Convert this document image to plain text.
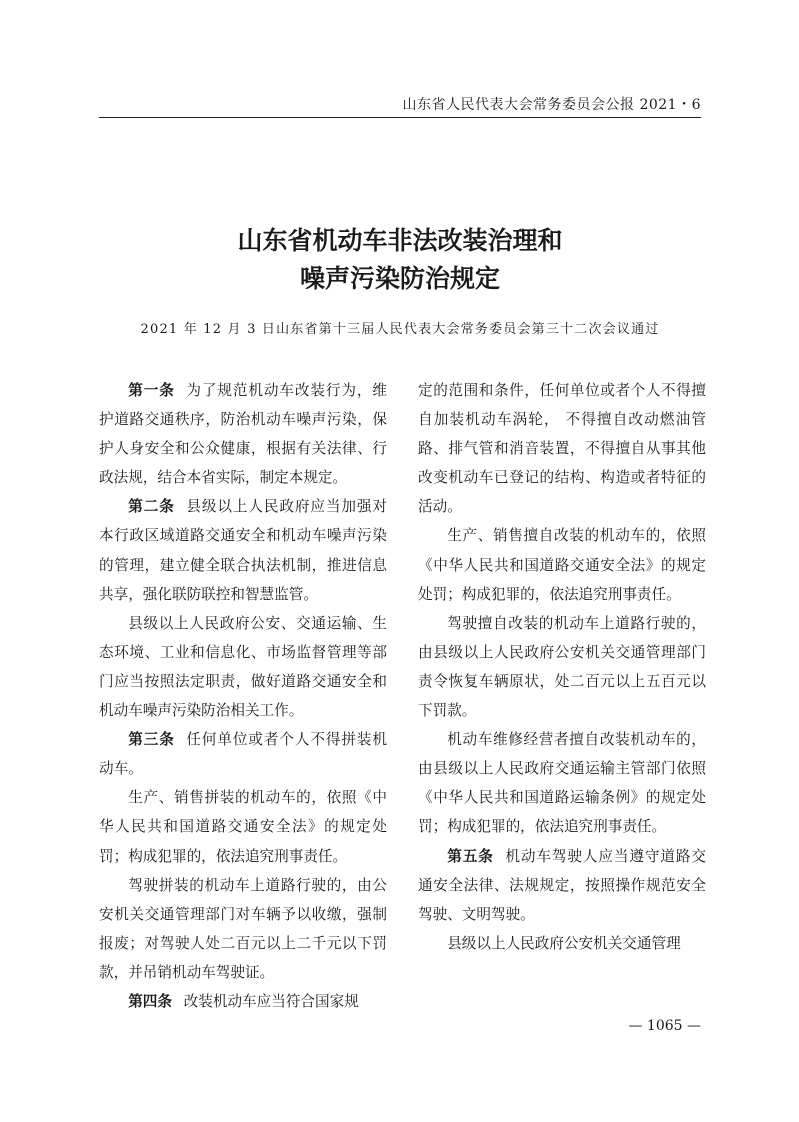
山东省人民代表大会常务委员会公报 2021・6
山东省机动车非法改装治理和
噪声污染防治规定
2021 年 12 月 3 日山东省第十三届人民代表大会常务委员会第三十二次会议通过

第一条 为了规范机动车改装行为，维护道路交通秩序，防治机动车噪声污染，保护人身安全和公众健康，根据有关法律、行政法规，结合本省实际，制定本规定。

第二条 县级以上人民政府应当加强对本行政区域道路交通安全和机动车噪声污染的管理，建立健全联合执法机制，推进信息共享，强化联防联控和智慧监管。

县级以上人民政府公安、交通运输、生态环境、工业和信息化、市场监督管理等部门应当按照法定职责，做好道路交通安全和机动车噪声污染防治相关工作。

第三条 任何单位或者个人不得拼装机动车。

生产、销售拼装的机动车的，依照《中华人民共和国道路交通安全法》的规定处罚；构成犯罪的，依法追究刑事责任。

驾驶拼装的机动车上道路行驶的，由公安机关交通管理部门对车辆予以收缴，强制报废；对驾驶人处二百元以上二千元以下罚款，并吊销机动车驾驶证。

第四条 改装机动车应当符合国家规

定的范围和条件，任何单位或者个人不得擅自加装机动车涡轮， 不得擅自改动燃油管路、排气管和消音装置，不得擅自从事其他改变机动车已登记的结构、构造或者特征的活动。

生产、销售擅自改装的机动车的，依照《中华人民共和国道路交通安全法》的规定处罚；构成犯罪的，依法追究刑事责任。

驾驶擅自改装的机动车上道路行驶的，由县级以上人民政府公安机关交通管理部门责令恢复车辆原状，处二百元以上五百元以下罚款。

机动车维修经营者擅自改装机动车的，由县级以上人民政府交通运输主管部门依照《中华人民共和国道路运输条例》的规定处罚；构成犯罪的，依法追究刑事责任。

第五条 机动车驾驶人应当遵守道路交通安全法律、法规规定，按照操作规范安全驾驶、文明驾驶。

县级以上人民政府公安机关交通管理

— 1065 —
